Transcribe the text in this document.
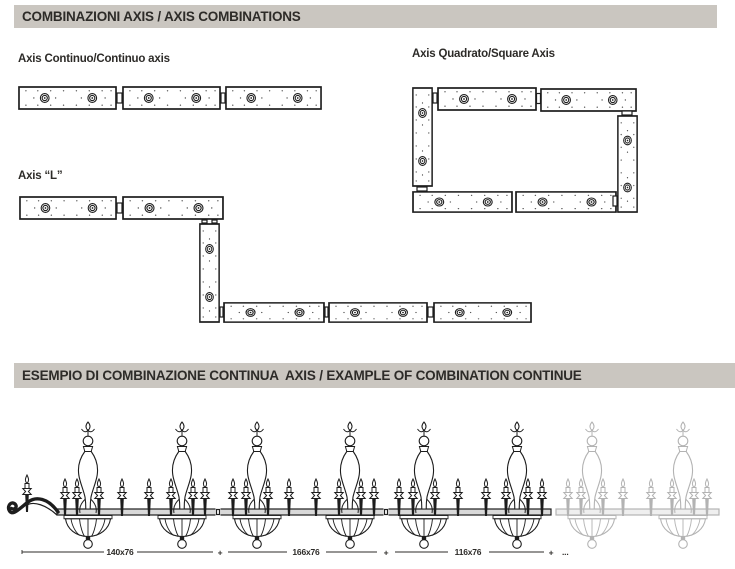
COMBINAZIONI AXIS / AXIS COMBINATIONS
ESEMPIO DI COMBINAZIONE CONTINUA  AXIS / EXAMPLE OF COMBINATION CONTINUE
Axis Continuo/Continuo axis	Axis Quadrato/Square Axis
Axis “L”
140x76	+	166x76	+	116x76	+ ...
